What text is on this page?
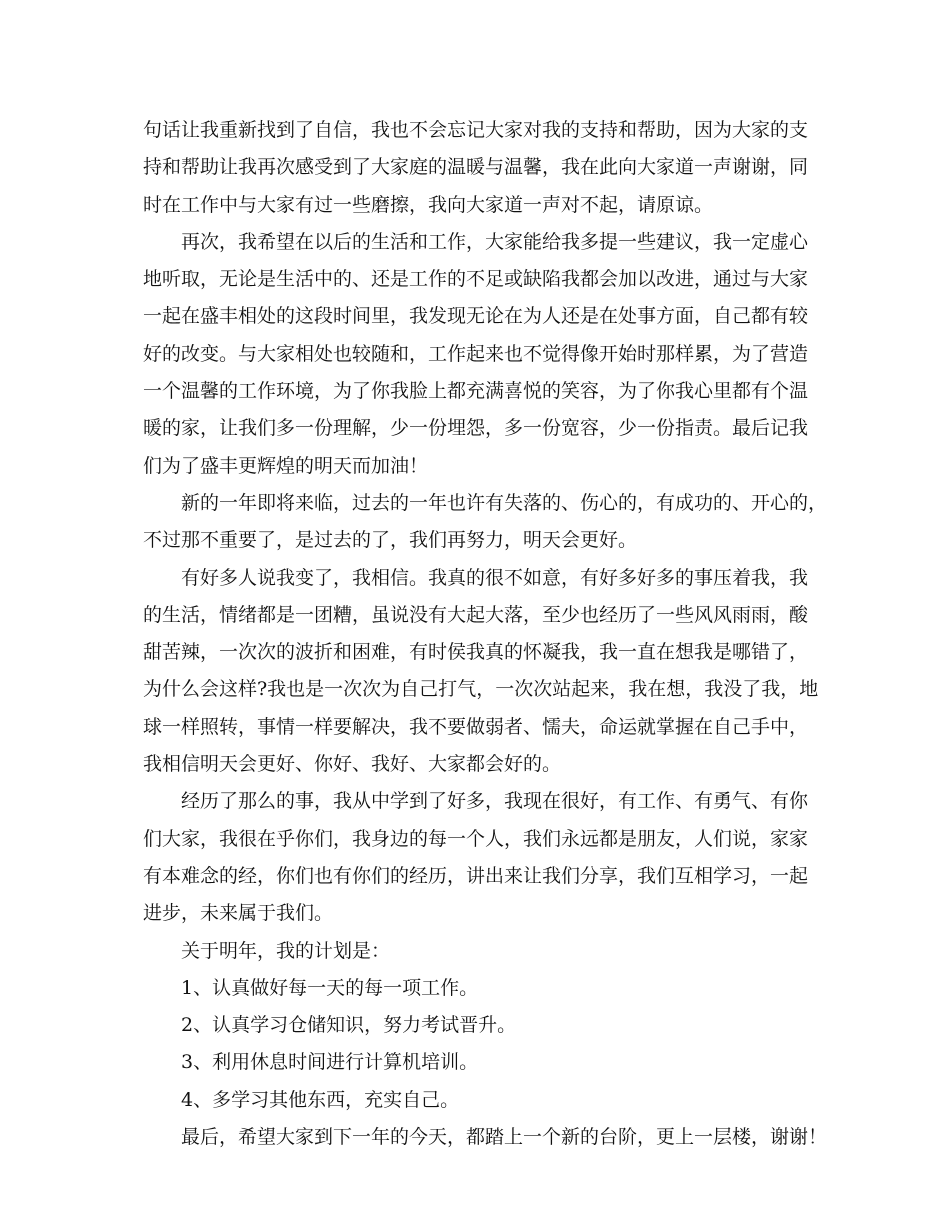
句话让我重新找到了自信，我也不会忘记大家对我的支持和帮助，因为大家的支
持和帮助让我再次感受到了大家庭的温暖与温馨，我在此向大家道一声谢谢，同
时在工作中与大家有过一些磨擦，我向大家道一声对不起，请原谅。
再次，我希望在以后的生活和工作，大家能给我多提一些建议，我一定虚心
地听取，无论是生活中的、还是工作的不足或缺陷我都会加以改进，通过与大家
一起在盛丰相处的这段时间里，我发现无论在为人还是在处事方面，自己都有较
好的改变。与大家相处也较随和，工作起来也不觉得像开始时那样累，为了营造
一个温馨的工作环境，为了你我脸上都充满喜悦的笑容，为了你我心里都有个温
暖的家，让我们多一份理解，少一份埋怨，多一份宽容，少一份指责。最后记我
们为了盛丰更辉煌的明天而加油！
新的一年即将来临，过去的一年也许有失落的、伤心的，有成功的、开心的，
不过那不重要了，是过去的了，我们再努力，明天会更好。
有好多人说我变了，我相信。我真的很不如意，有好多好多的事压着我，我
的生活，情绪都是一团糟，虽说没有大起大落，至少也经历了一些风风雨雨，酸
甜苦辣，一次次的波折和困难，有时侯我真的怀凝我，我一直在想我是哪错了，
为什么会这样?我也是一次次为自己打气，一次次站起来，我在想，我没了我，地
球一样照转，事情一样要解决，我不要做弱者、懦夫，命运就掌握在自己手中，
我相信明天会更好、你好、我好、大家都会好的。
经历了那么的事，我从中学到了好多，我现在很好，有工作、有勇气、有你
们大家，我很在乎你们，我身边的每一个人，我们永远都是朋友，人们说，家家
有本难念的经，你们也有你们的经历，讲出来让我们分享，我们互相学习，一起
进步，未来属于我们。
关于明年，我的计划是：
1、认真做好每一天的每一项工作。
2、认真学习仓储知识，努力考试晋升。
3、利用休息时间进行计算机培训。
4、多学习其他东西，充实自己。
最后，希望大家到下一年的今天，都踏上一个新的台阶，更上一层楼，谢谢！
